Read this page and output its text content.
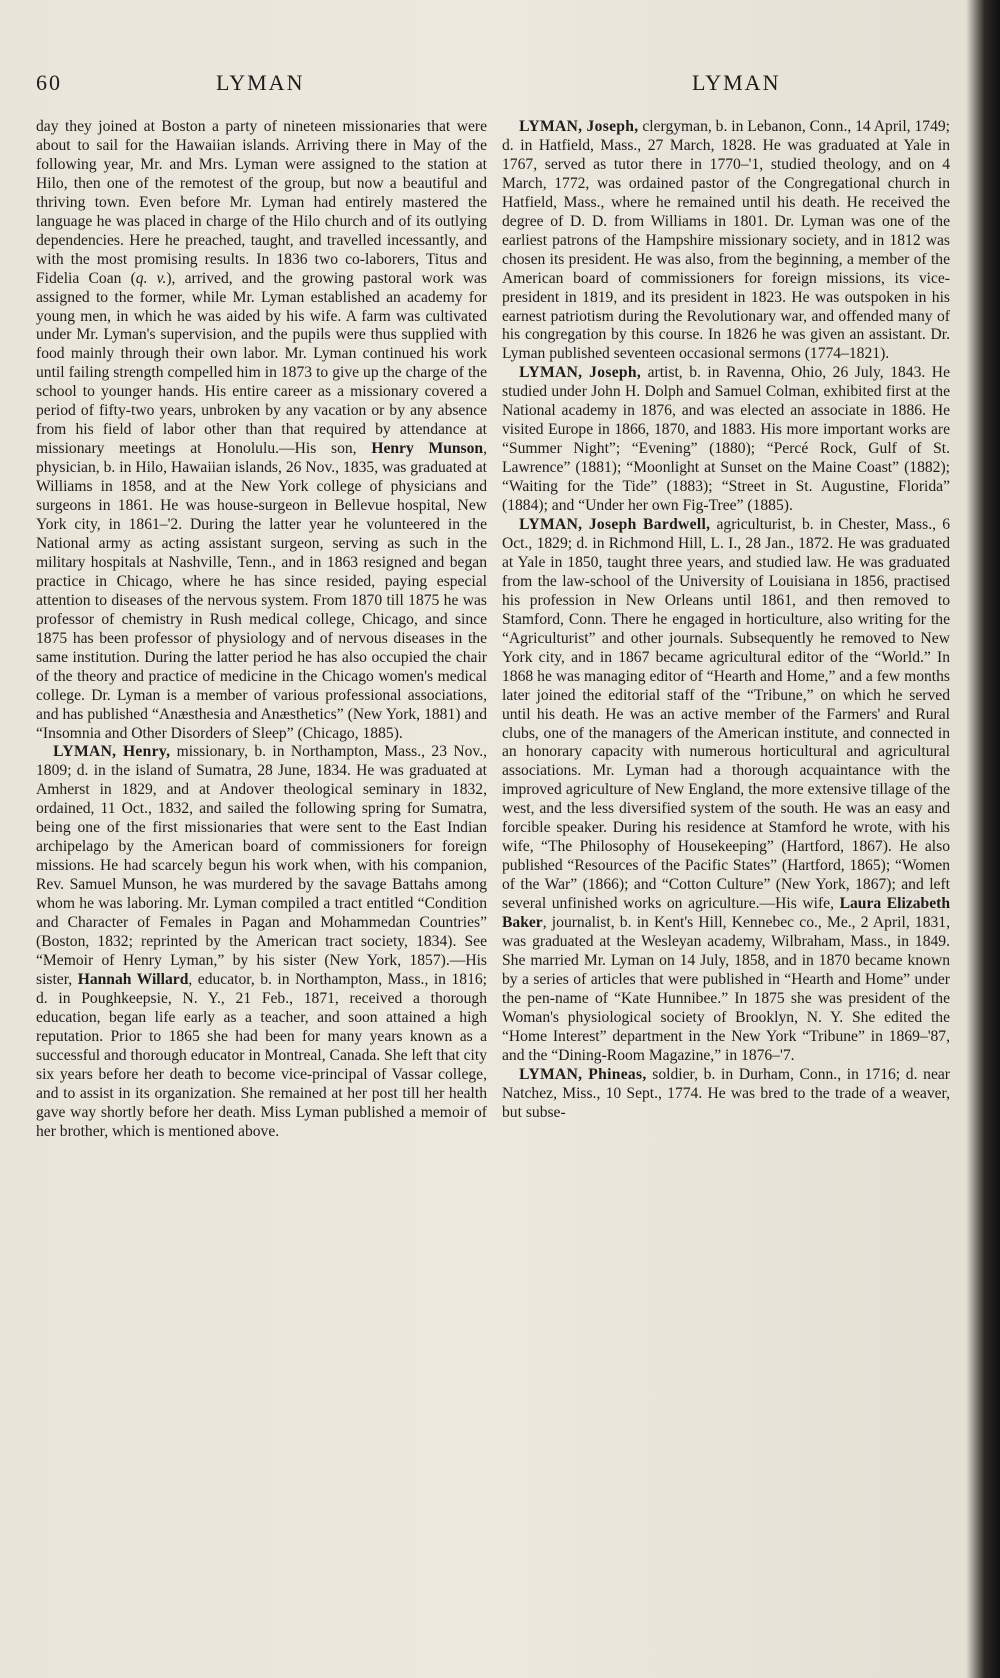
60	LYMAN	LYMAN

day they joined at Boston a party of nineteen missionaries that were about to sail for the Hawaiian islands. Arriving there in May of the following year, Mr. and Mrs. Lyman were assigned to the station at Hilo, then one of the remotest of the group, but now a beautiful and thriving town. Even before Mr. Lyman had entirely mastered the language he was placed in charge of the Hilo church and of its outlying dependencies. Here he preached, taught, and travelled incessantly, and with the most promising results. In 1836 two co-laborers, Titus and Fidelia Coan (q. v.), arrived, and the growing pastoral work was assigned to the former, while Mr. Lyman established an academy for young men, in which he was aided by his wife. A farm was cultivated under Mr. Lyman's supervision, and the pupils were thus supplied with food mainly through their own labor. Mr. Lyman continued his work until failing strength compelled him in 1873 to give up the charge of the school to younger hands. His entire career as a missionary covered a period of fifty-two years, unbroken by any vacation or by any absence from his field of labor other than that required by attendance at missionary meetings at Honolulu.—His son, Henry Munson, physician, b. in Hilo, Hawaiian islands, 26 Nov., 1835, was graduated at Williams in 1858, and at the New York college of physicians and surgeons in 1861. He was house-surgeon in Bellevue hospital, New York city, in 1861–'2. During the latter year he volunteered in the National army as acting assistant surgeon, serving as such in the military hospitals at Nashville, Tenn., and in 1863 resigned and began practice in Chicago, where he has since resided, paying especial attention to diseases of the nervous system. From 1870 till 1875 he was professor of chemistry in Rush medical college, Chicago, and since 1875 has been professor of physiology and of nervous diseases in the same institution. During the latter period he has also occupied the chair of the theory and practice of medicine in the Chicago women's medical college. Dr. Lyman is a member of various professional associations, and has published “Anæsthesia and Anæsthetics” (New York, 1881) and “Insomnia and Other Disorders of Sleep” (Chicago, 1885).

LYMAN, Henry, missionary, b. in Northampton, Mass., 23 Nov., 1809; d. in the island of Sumatra, 28 June, 1834. He was graduated at Amherst in 1829, and at Andover theological seminary in 1832, ordained, 11 Oct., 1832, and sailed the following spring for Sumatra, being one of the first missionaries that were sent to the East Indian archipelago by the American board of commissioners for foreign missions. He had scarcely begun his work when, with his companion, Rev. Samuel Munson, he was murdered by the savage Battahs among whom he was laboring. Mr. Lyman compiled a tract entitled “Condition and Character of Females in Pagan and Mohammedan Countries” (Boston, 1832; reprinted by the American tract society, 1834). See “Memoir of Henry Lyman,” by his sister (New York, 1857).—His sister, Hannah Willard, educator, b. in Northampton, Mass., in 1816; d. in Poughkeepsie, N. Y., 21 Feb., 1871, received a thorough education, began life early as a teacher, and soon attained a high reputation. Prior to 1865 she had been for many years known as a successful and thorough educator in Montreal, Canada. She left that city six years before her death to become vice-principal of Vassar college, and to assist in its organization. She remained at her post till her health gave way shortly before her death. Miss Lyman published a memoir of her brother, which is mentioned above.

LYMAN, Joseph, clergyman, b. in Lebanon, Conn., 14 April, 1749; d. in Hatfield, Mass., 27 March, 1828. He was graduated at Yale in 1767, served as tutor there in 1770–'1, studied theology, and on 4 March, 1772, was ordained pastor of the Congregational church in Hatfield, Mass., where he remained until his death. He received the degree of D. D. from Williams in 1801. Dr. Lyman was one of the earliest patrons of the Hampshire missionary society, and in 1812 was chosen its president. He was also, from the beginning, a member of the American board of commissioners for foreign missions, its vice-president in 1819, and its president in 1823. He was outspoken in his earnest patriotism during the Revolutionary war, and offended many of his congregation by this course. In 1826 he was given an assistant. Dr. Lyman published seventeen occasional sermons (1774–1821).

LYMAN, Joseph, artist, b. in Ravenna, Ohio, 26 July, 1843. He studied under John H. Dolph and Samuel Colman, exhibited first at the National academy in 1876, and was elected an associate in 1886. He visited Europe in 1866, 1870, and 1883. His more important works are “Summer Night”; “Evening” (1880); “Percé Rock, Gulf of St. Lawrence” (1881); “Moonlight at Sunset on the Maine Coast” (1882); “Waiting for the Tide” (1883); “Street in St. Augustine, Florida” (1884); and “Under her own Fig-Tree” (1885).

LYMAN, Joseph Bardwell, agriculturist, b. in Chester, Mass., 6 Oct., 1829; d. in Richmond Hill, L. I., 28 Jan., 1872. He was graduated at Yale in 1850, taught three years, and studied law. He was graduated from the law-school of the University of Louisiana in 1856, practised his profession in New Orleans until 1861, and then removed to Stamford, Conn. There he engaged in horticulture, also writing for the “Agriculturist” and other journals. Subsequently he removed to New York city, and in 1867 became agricultural editor of the “World.” In 1868 he was managing editor of “Hearth and Home,” and a few months later joined the editorial staff of the “Tribune,” on which he served until his death. He was an active member of the Farmers' and Rural clubs, one of the managers of the American institute, and connected in an honorary capacity with numerous horticultural and agricultural associations. Mr. Lyman had a thorough acquaintance with the improved agriculture of New England, the more extensive tillage of the west, and the less diversified system of the south. He was an easy and forcible speaker. During his residence at Stamford he wrote, with his wife, “The Philosophy of Housekeeping” (Hartford, 1867). He also published “Resources of the Pacific States” (Hartford, 1865); “Women of the War” (1866); and “Cotton Culture” (New York, 1867); and left several unfinished works on agriculture.—His wife, Laura Elizabeth Baker, journalist, b. in Kent's Hill, Kennebec co., Me., 2 April, 1831, was graduated at the Wesleyan academy, Wilbraham, Mass., in 1849. She married Mr. Lyman on 14 July, 1858, and in 1870 became known by a series of articles that were published in “Hearth and Home” under the pen-name of “Kate Hunnibee.” In 1875 she was president of the Woman's physiological society of Brooklyn, N. Y. She edited the “Home Interest” department in the New York “Tribune” in 1869–'87, and the “Dining-Room Magazine,” in 1876–'7.

LYMAN, Phineas, soldier, b. in Durham, Conn., in 1716; d. near Natchez, Miss., 10 Sept., 1774. He was bred to the trade of a weaver, but subse-
